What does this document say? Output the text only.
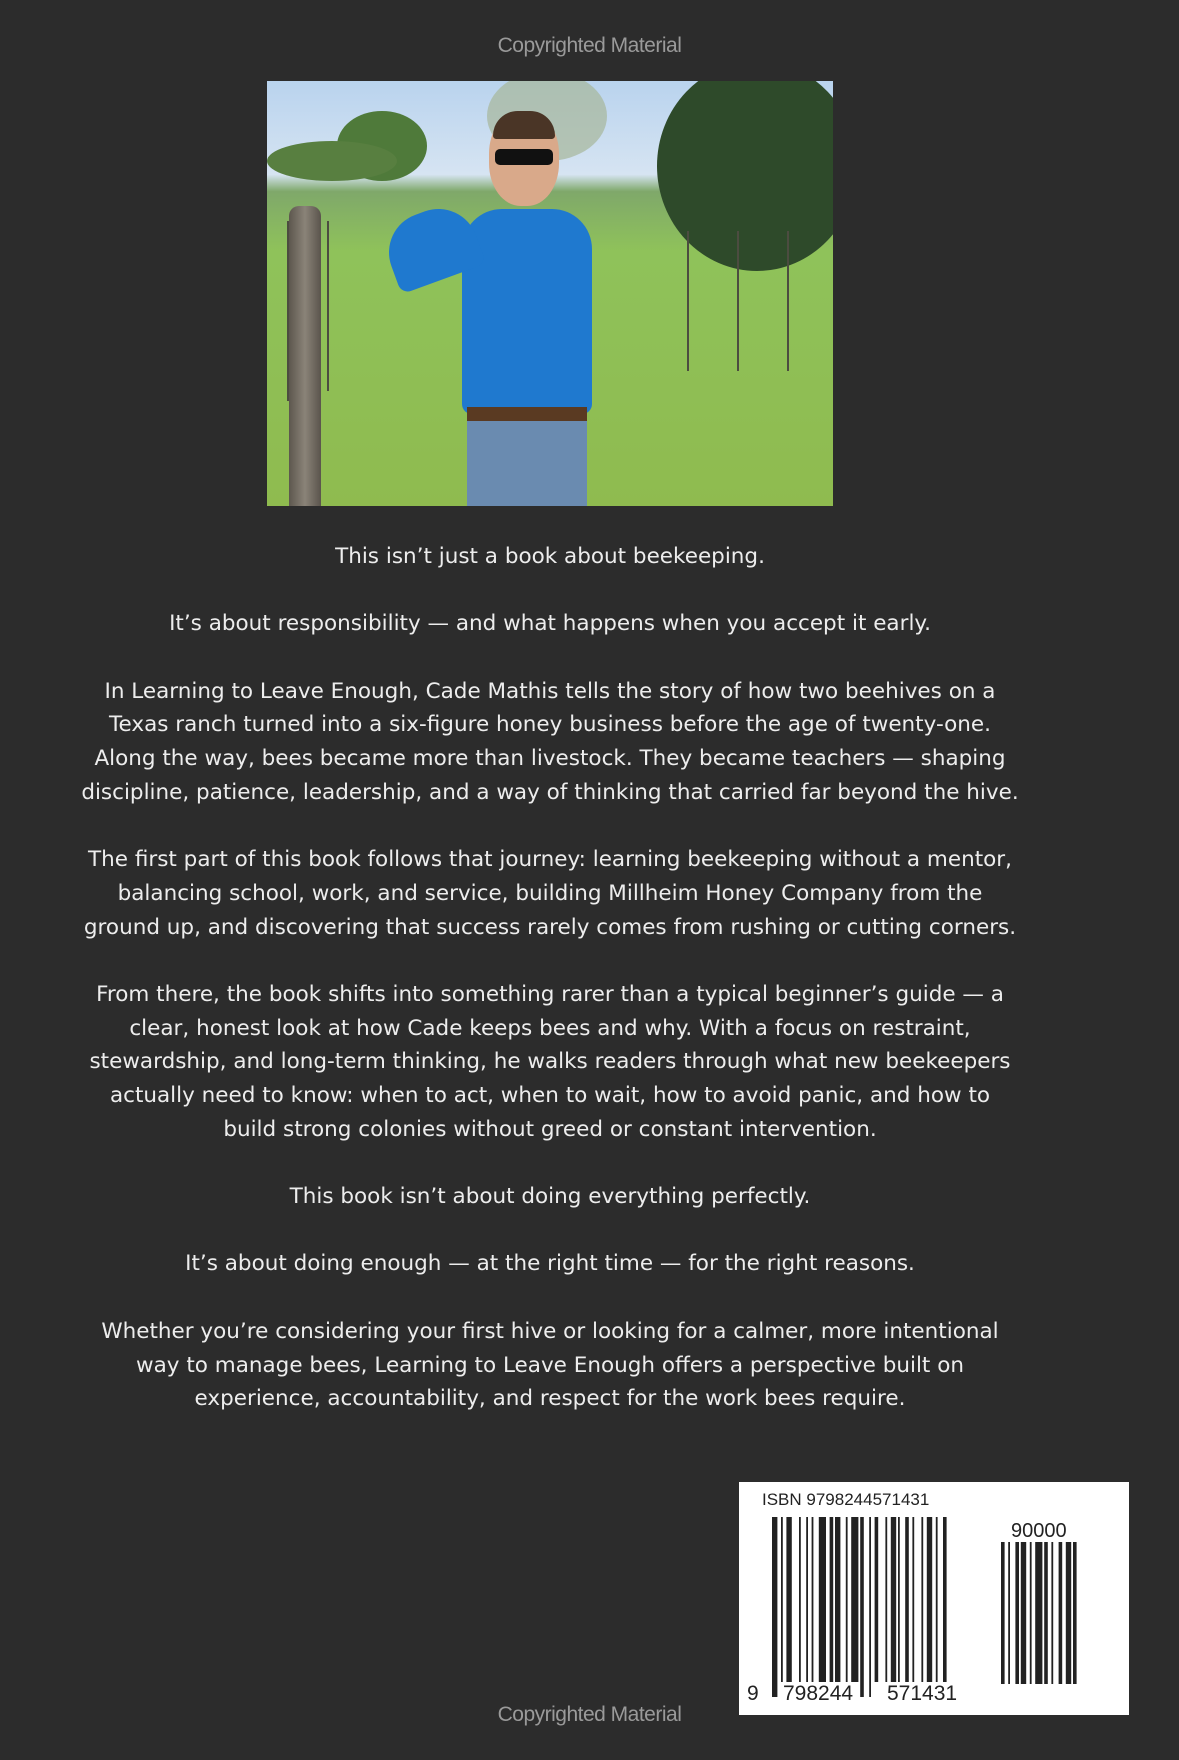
Copyrighted Material
This isn’t just a book about beekeeping.
It’s about responsibility — and what happens when you accept it early.
In Learning to Leave Enough, Cade Mathis tells the story of how two beehives on a
Texas ranch turned into a six-figure honey business before the age of twenty-one.
Along the way, bees became more than livestock. They became teachers — shaping
discipline, patience, leadership, and a way of thinking that carried far beyond the hive.
The first part of this book follows that journey: learning beekeeping without a mentor,
balancing school, work, and service, building Millheim Honey Company from the
ground up, and discovering that success rarely comes from rushing or cutting corners.
From there, the book shifts into something rarer than a typical beginner’s guide — a
clear, honest look at how Cade keeps bees and why. With a focus on restraint,
stewardship, and long-term thinking, he walks readers through what new beekeepers
actually need to know: when to act, when to wait, how to avoid panic, and how to
build strong colonies without greed or constant intervention.
This book isn’t about doing everything perfectly.
It’s about doing enough — at the right time — for the right reasons.
Whether you’re considering your first hive or looking for a calmer, more intentional
way to manage bees, Learning to Leave Enough offers a perspective built on
experience, accountability, and respect for the work bees require.
ISBN 9798244571431
90000
9 798244 571431
Copyrighted Material
